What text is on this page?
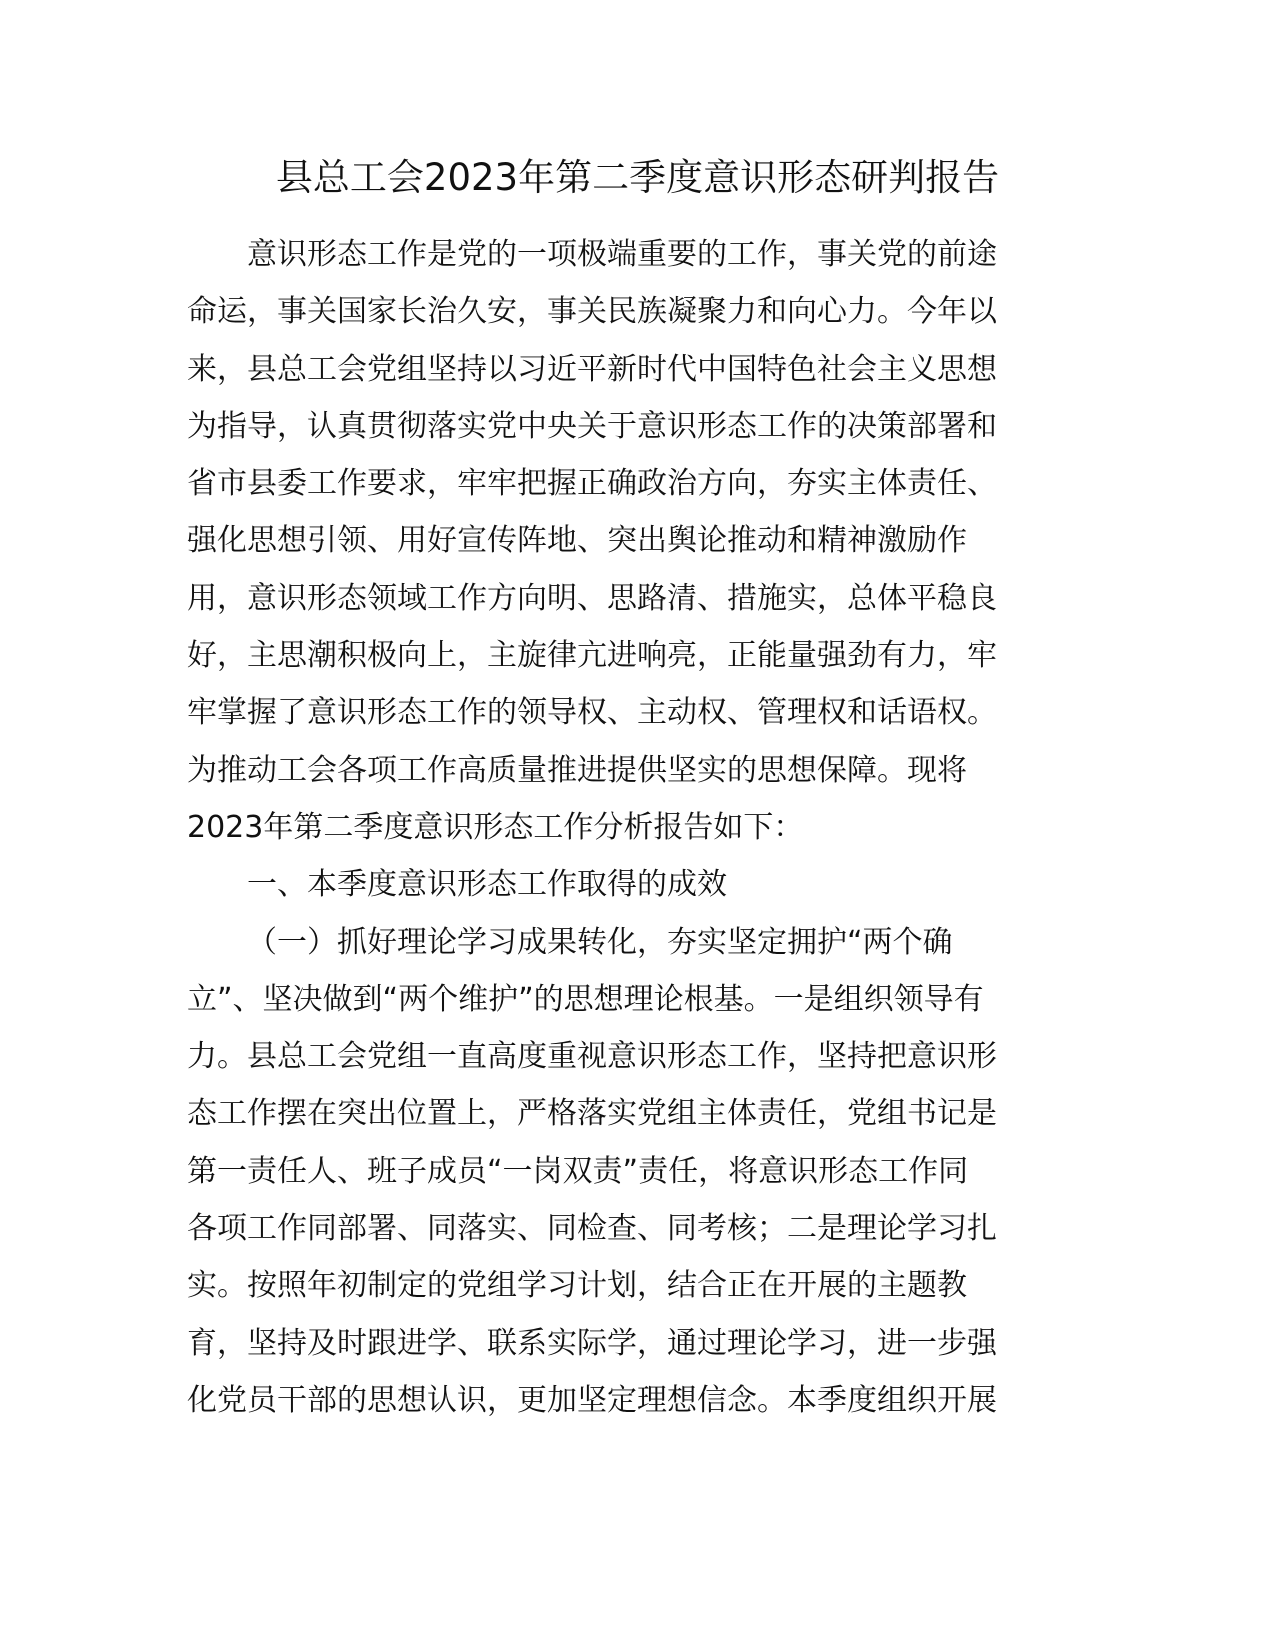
县总工会2023年第二季度意识形态研判报告

意识形态工作是党的一项极端重要的工作，事关党的前途
命运，事关国家长治久安，事关民族凝聚力和向心力。今年以
来，县总工会党组坚持以习近平新时代中国特色社会主义思想
为指导，认真贯彻落实党中央关于意识形态工作的决策部署和
省市县委工作要求，牢牢把握正确政治方向，夯实主体责任、
强化思想引领、用好宣传阵地、突出舆论推动和精神激励作
用，意识形态领域工作方向明、思路清、措施实，总体平稳良
好，主思潮积极向上，主旋律亢进响亮，正能量强劲有力，牢
牢掌握了意识形态工作的领导权、主动权、管理权和话语权。
为推动工会各项工作高质量推进提供坚实的思想保障。现将
2023年第二季度意识形态工作分析报告如下：

一、本季度意识形态工作取得的成效

（一）抓好理论学习成果转化，夯实坚定拥护“两个确
立”、坚决做到“两个维护”的思想理论根基。一是组织领导有
力。县总工会党组一直高度重视意识形态工作，坚持把意识形
态工作摆在突出位置上，严格落实党组主体责任，党组书记是
第一责任人、班子成员“一岗双责”责任，将意识形态工作同
各项工作同部署、同落实、同检查、同考核；二是理论学习扎
实。按照年初制定的党组学习计划，结合正在开展的主题教
育，坚持及时跟进学、联系实际学，通过理论学习，进一步强
化党员干部的思想认识，更加坚定理想信念。本季度组织开展
